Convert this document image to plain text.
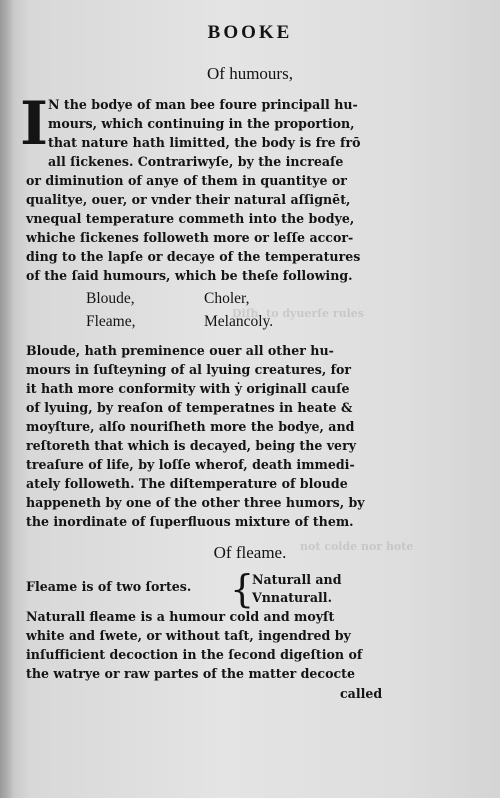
Diſh. to dyuerſe rules
not colde nor hote
BOOKE
Of humours,
I N the bodye of man bee foure principall hu-
mours, which continuing in the proportion,
that nature hath limitted, the body is fre frō
all ſickenes. Contrariwyſe, by the increaſe
or diminution of anye of them in quantitye or
qualitye, ouer, or vnder their natural aſſignēt,
vnequal temperature commeth into the bodye,
whiche ſickenes followeth more or leſſe accor-
ding to the lapſe or decaye of the temperatures
of the ſaid humours, which be theſe following.
Bloude,	Choler,
Fleame,	Melancoly.
Bloude, hath preminence ouer all other hu-
mours in ſuſteyning of al lyuing creatures, for
it hath more conformity with ẏ originall cauſe
of lyuing, by reaſon of temperatnes in heate &
moyſture, alſo nouriſheth more the bodye, and
reſtoreth that which is decayed, being the very
treaſure of life, by loſſe wherof, death immedi-
ately followeth. The diſtemperature of bloude
happeneth by one of the other three humors, by
the inordinate of ſuperfluous mixture of them.
Of fleame.
Fleame is of two ſortes. {
Naturall and
Vnnaturall.
Naturall fleame is a humour cold and moyſt
white and ſwete, or without taſt, ingendred by
inſufficient decoction in the ſecond digeſtion of
the watrye or raw partes of the matter decocte
called
